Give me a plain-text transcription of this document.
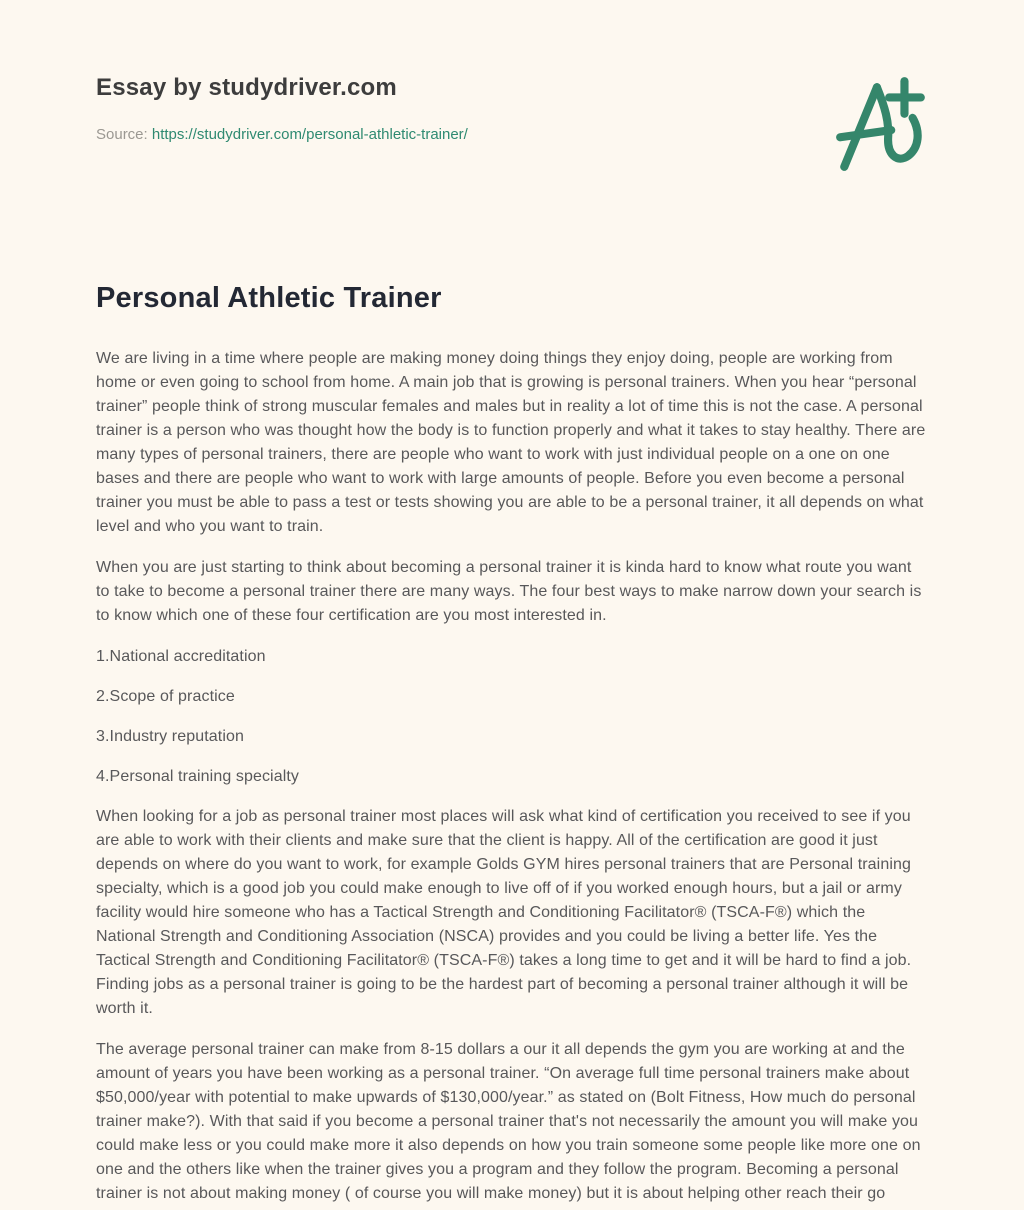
Essay by studydriver.com
Source: https://studydriver.com/personal-athletic-trainer/
Personal Athletic Trainer

We are living in a time where people are making money doing things they enjoy doing, people are working from home or even going to school from home. A main job that is growing is personal trainers. When you hear “personal trainer” people think of strong muscular females and males but in reality a lot of time this is not the case. A personal trainer is a person who was thought how the body is to function properly and what it takes to stay healthy. There are many types of personal trainers, there are people who want to work with just individual people on a one on one bases and there are people who want to work with large amounts of people. Before you even become a personal trainer you must be able to pass a test or tests showing you are able to be a personal trainer, it all depends on what level and who you want to train.

When you are just starting to think about becoming a personal trainer it is kinda hard to know what route you want to take to become a personal trainer there are many ways. The four best ways to make narrow down your search is to know which one of these four certification are you most interested in.

1.National accreditation

2.Scope of practice

3.Industry reputation

4.Personal training specialty

When looking for a job as personal trainer most places will ask what kind of certification you received to see if you are able to work with their clients and make sure that the client is happy. All of the certification are good it just depends on where do you want to work, for example Golds GYM hires personal trainers that are Personal training specialty, which is a good job you could make enough to live off of if you worked enough hours, but a jail or army facility would hire someone who has a Tactical Strength and Conditioning Facilitator® (TSCA-F®) which the National Strength and Conditioning Association (NSCA) provides and you could be living a better life. Yes the Tactical Strength and Conditioning Facilitator® (TSCA-F®) takes a long time to get and it will be hard to find a job. Finding jobs as a personal trainer is going to be the hardest part of becoming a personal trainer although it will be worth it.

The average personal trainer can make from 8-15 dollars a our it all depends the gym you are working at and the amount of years you have been working as a personal trainer. “On average full time personal trainers make about $50,000/year with potential to make upwards of $130,000/year.” as stated on (Bolt Fitness, How much do personal trainer make?). With that said if you become a personal trainer that's not necessarily the amount you will make you could make less or you could make more it also depends on how you train someone some people like more one on one and the others like when the trainer gives you a program and they follow the program. Becoming a personal trainer is not about making money ( of course you will make money) but it is about helping other reach their go
